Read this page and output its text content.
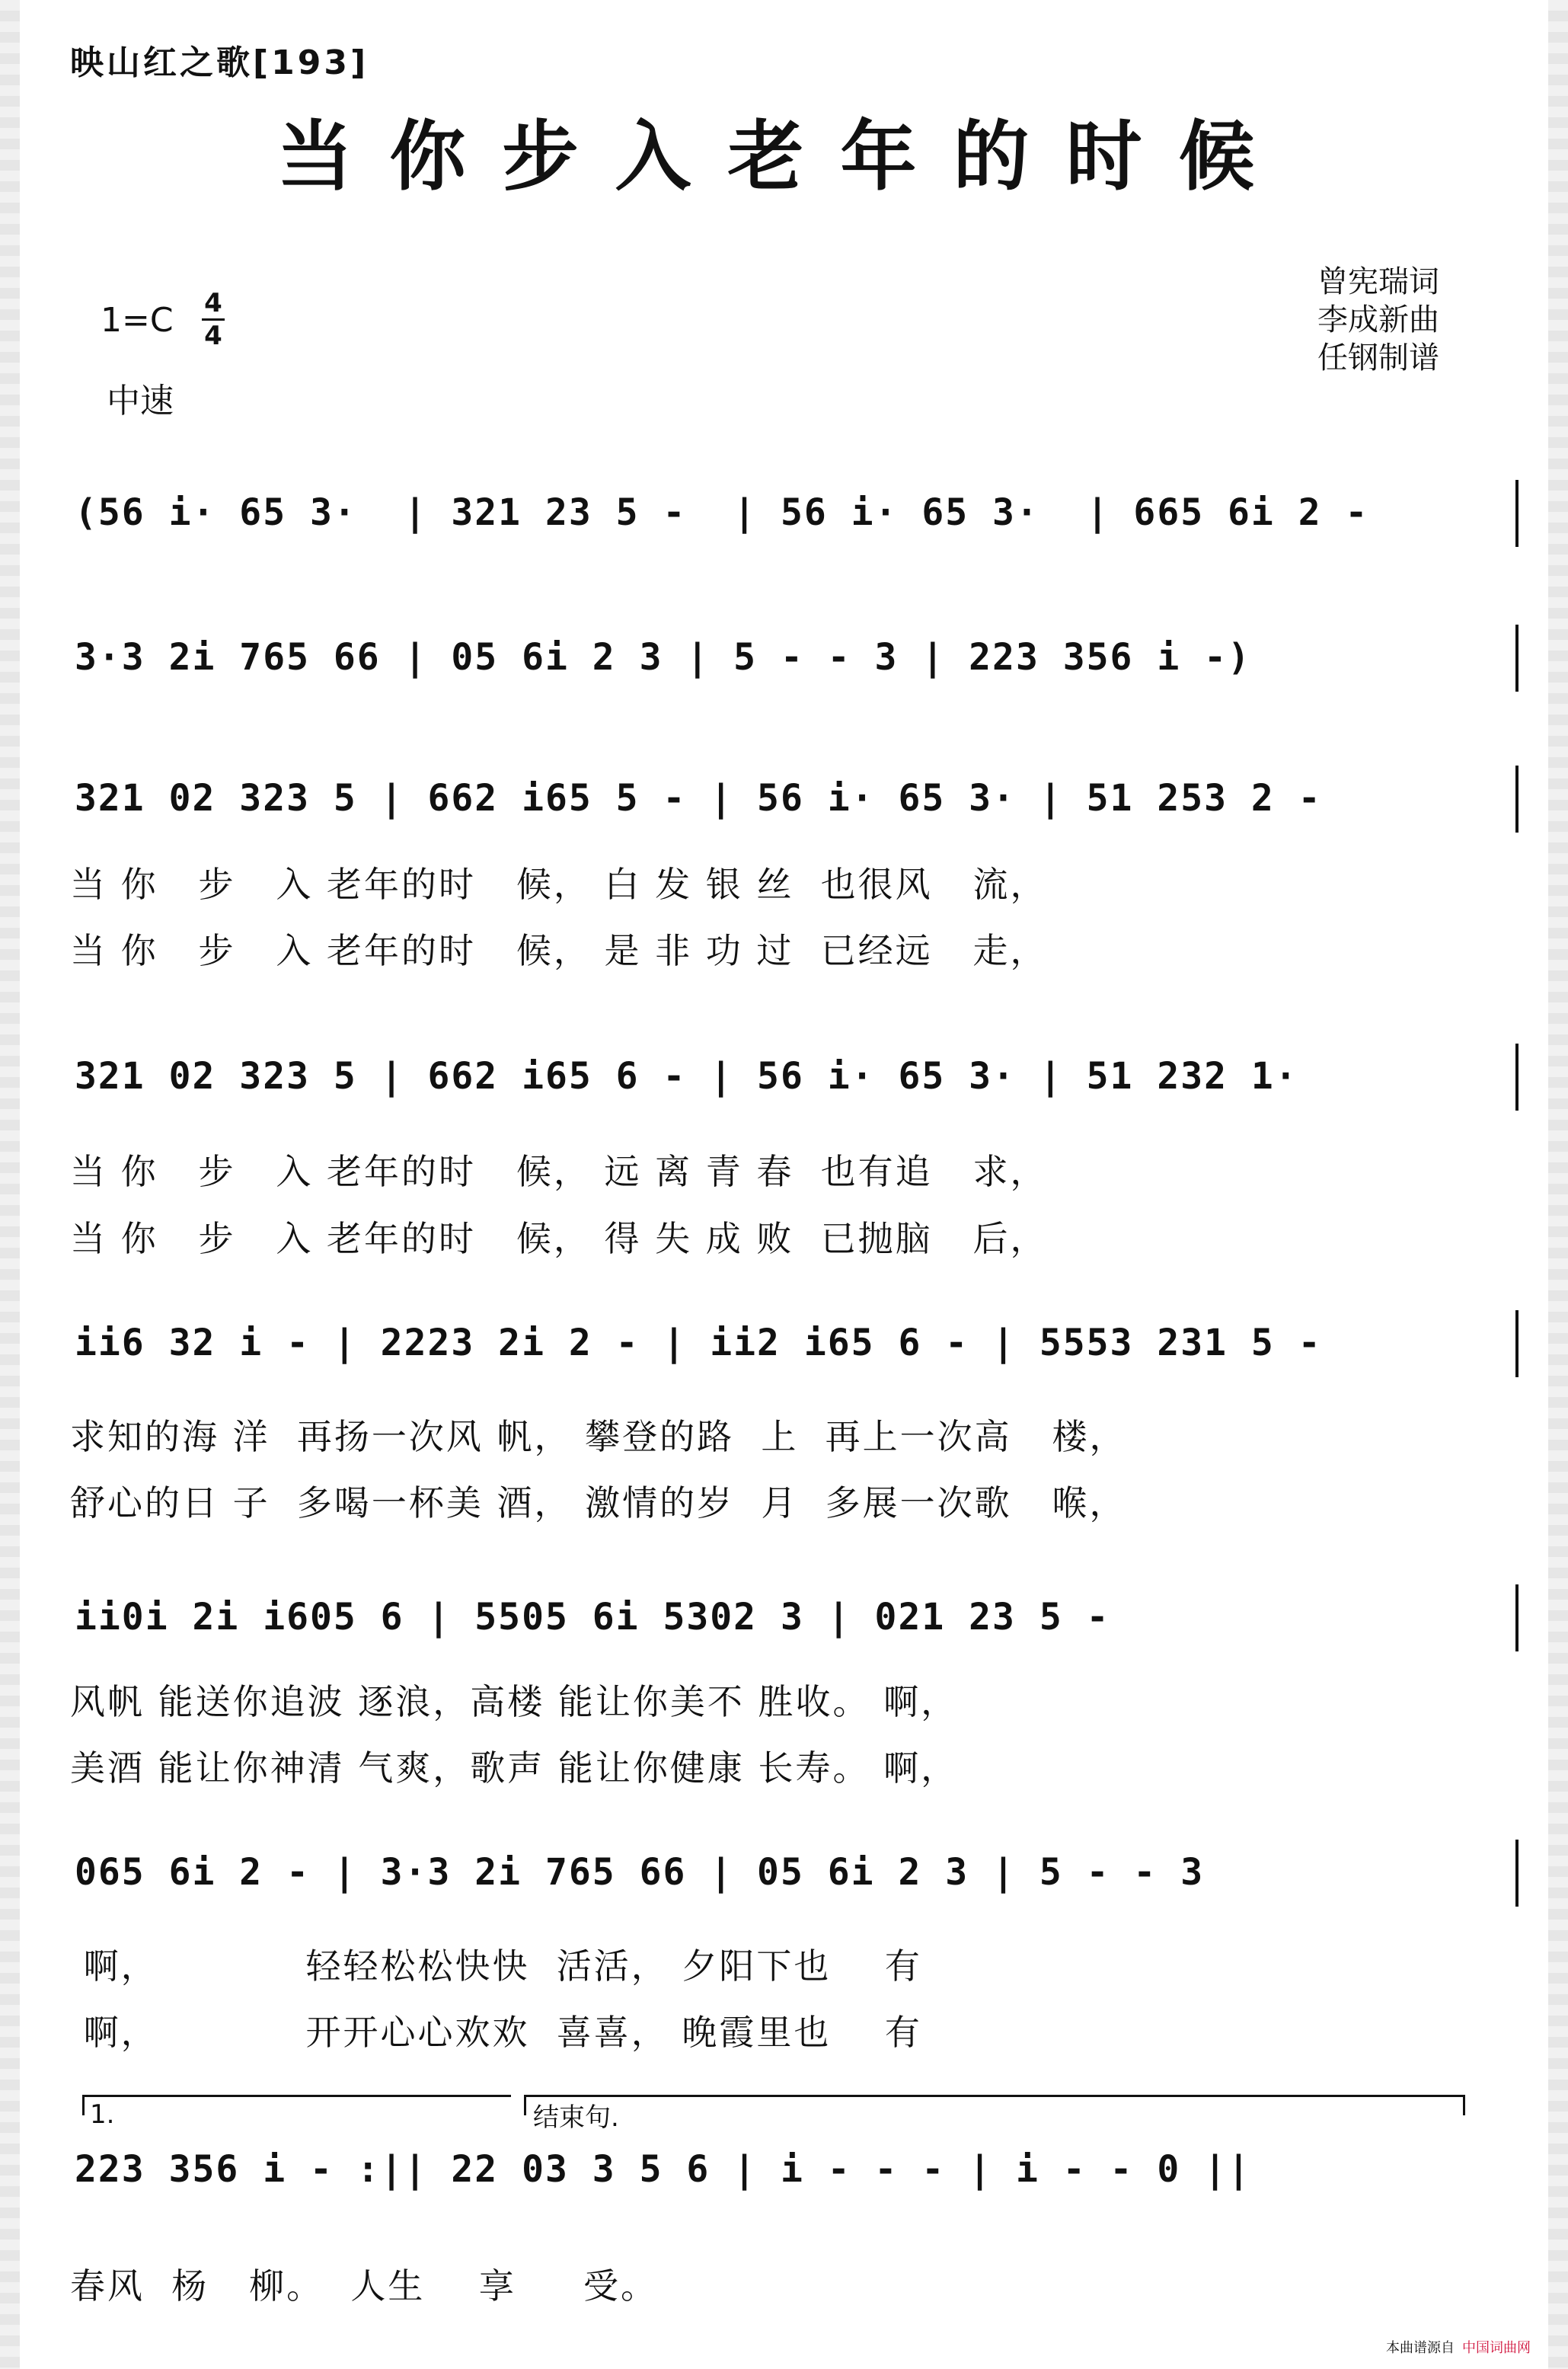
映山红之歌[193]
当你步入老年的时候
曾宪瑞词
李成新曲
任钢制谱
1=C 4
4
中速
(56 i· 65 3·  | 321 23 5 -  | 56 i· 65 3·  | 665 6i 2 -
3·3 2i 765 66 | 05 6i 2 3 | 5 - - 3 | 223 356 i -)
321 02 323 5 | 662 i65 5 - | 56 i· 65 3· | 51 253 2 -
当 你   步   入 老年的时   候， 白 发 银 丝  也很风   流，
当 你   步   入 老年的时   候， 是 非 功 过  已经远   走，
321 02 323 5 | 662 i65 6 - | 56 i· 65 3· | 51 232 1·
当 你   步   入 老年的时   候， 远 离 青 春  也有追   求，
当 你   步   入 老年的时   候， 得 失 成 败  已抛脑   后，
ii6 32 i - | 2223 2i 2 - | ii2 i65 6 - | 5553 231 5 -
求知的海 洋  再扬一次风 帆， 攀登的路  上  再上一次高   楼，
舒心的日 子  多喝一杯美 酒， 激情的岁  月  多展一次歌   喉，
ii0i 2i i605 6 | 5505 6i 5302 3 | 021 23 5 -
风帆 能送你追波 逐浪，高楼 能让你美不 胜收。 啊，
美酒 能让你神清 气爽，歌声 能让你健康 长寿。 啊，
065 6i 2 - | 3·3 2i 765 66 | 05 6i 2 3 | 5 - - 3
啊，           轻轻松松快快  活活， 夕阳下也    有
啊，           开开心心欢欢  喜喜， 晚霞里也    有
1.	结束句.
223 356 i - :|| 22 03 3 5 6 | i - - - | i - - 0 ||
春风  杨   柳。  人生    享     受。
本曲谱源自 中国词曲网
